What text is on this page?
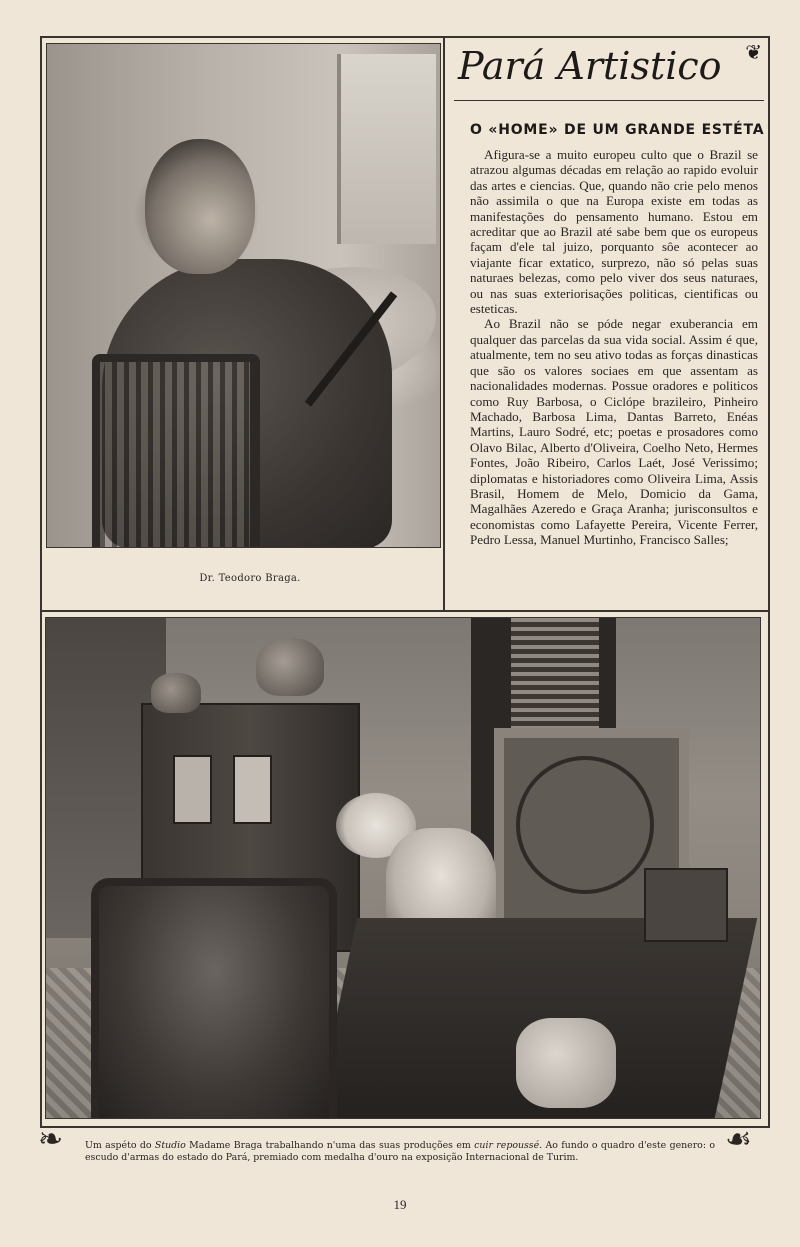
Dr. Teodoro Braga.
Pará Artistico ❦
O «HOME» DE UM GRANDE ESTÉTA

Afigura-se a muito europeu culto que o Brazil se atrazou algumas décadas em relação ao rapido evoluir das artes e ciencias. Que, quando não crie pelo menos não assimila o que na Europa existe em todas as manifestações do pensamento humano. Estou em acreditar que ao Brazil até sabe bem que os europeus façam d'ele tal juizo, porquanto sôe acontecer ao viajante ficar extatico, surprezo, não só pelas suas naturaes belezas, como pelo viver dos seus naturaes, ou nas suas exteriorisações politicas, cientificas ou esteticas.

Ao Brazil não se póde negar exuberancia em qualquer das parcelas da sua vida social. Assim é que, atualmente, tem no seu ativo todas as forças dinasticas que são os valores sociaes em que assentam as nacionalidades modernas. Possue oradores e politicos como Ruy Barbosa, o Ciclópe brazileiro, Pinheiro Machado, Barbosa Lima, Dantas Barreto, Enéas Martins, Lauro Sodré, etc; poetas e prosadores como Olavo Bilac, Alberto d'Oliveira, Coelho Neto, Hermes Fontes, João Ribeiro, Carlos Laét, José Verissimo; diplomatas e historiadores como Oliveira Lima, Assis Brasil, Homem de Melo, Domicio da Gama, Magalhães Azeredo e Graça Aranha; jurisconsultos e economistas como Lafayette Pereira, Vicente Ferrer, Pedro Lessa, Manuel Murtinho, Francisco Salles;

❧	☙
Um aspéto do Studio Madame Braga trabalhando n'uma das suas produções em cuir repoussé. Ao fundo o quadro d'este genero: o escudo d'armas do estado do Pará, premiado com medalha d'ouro na exposição Internacional de Turim.
19
